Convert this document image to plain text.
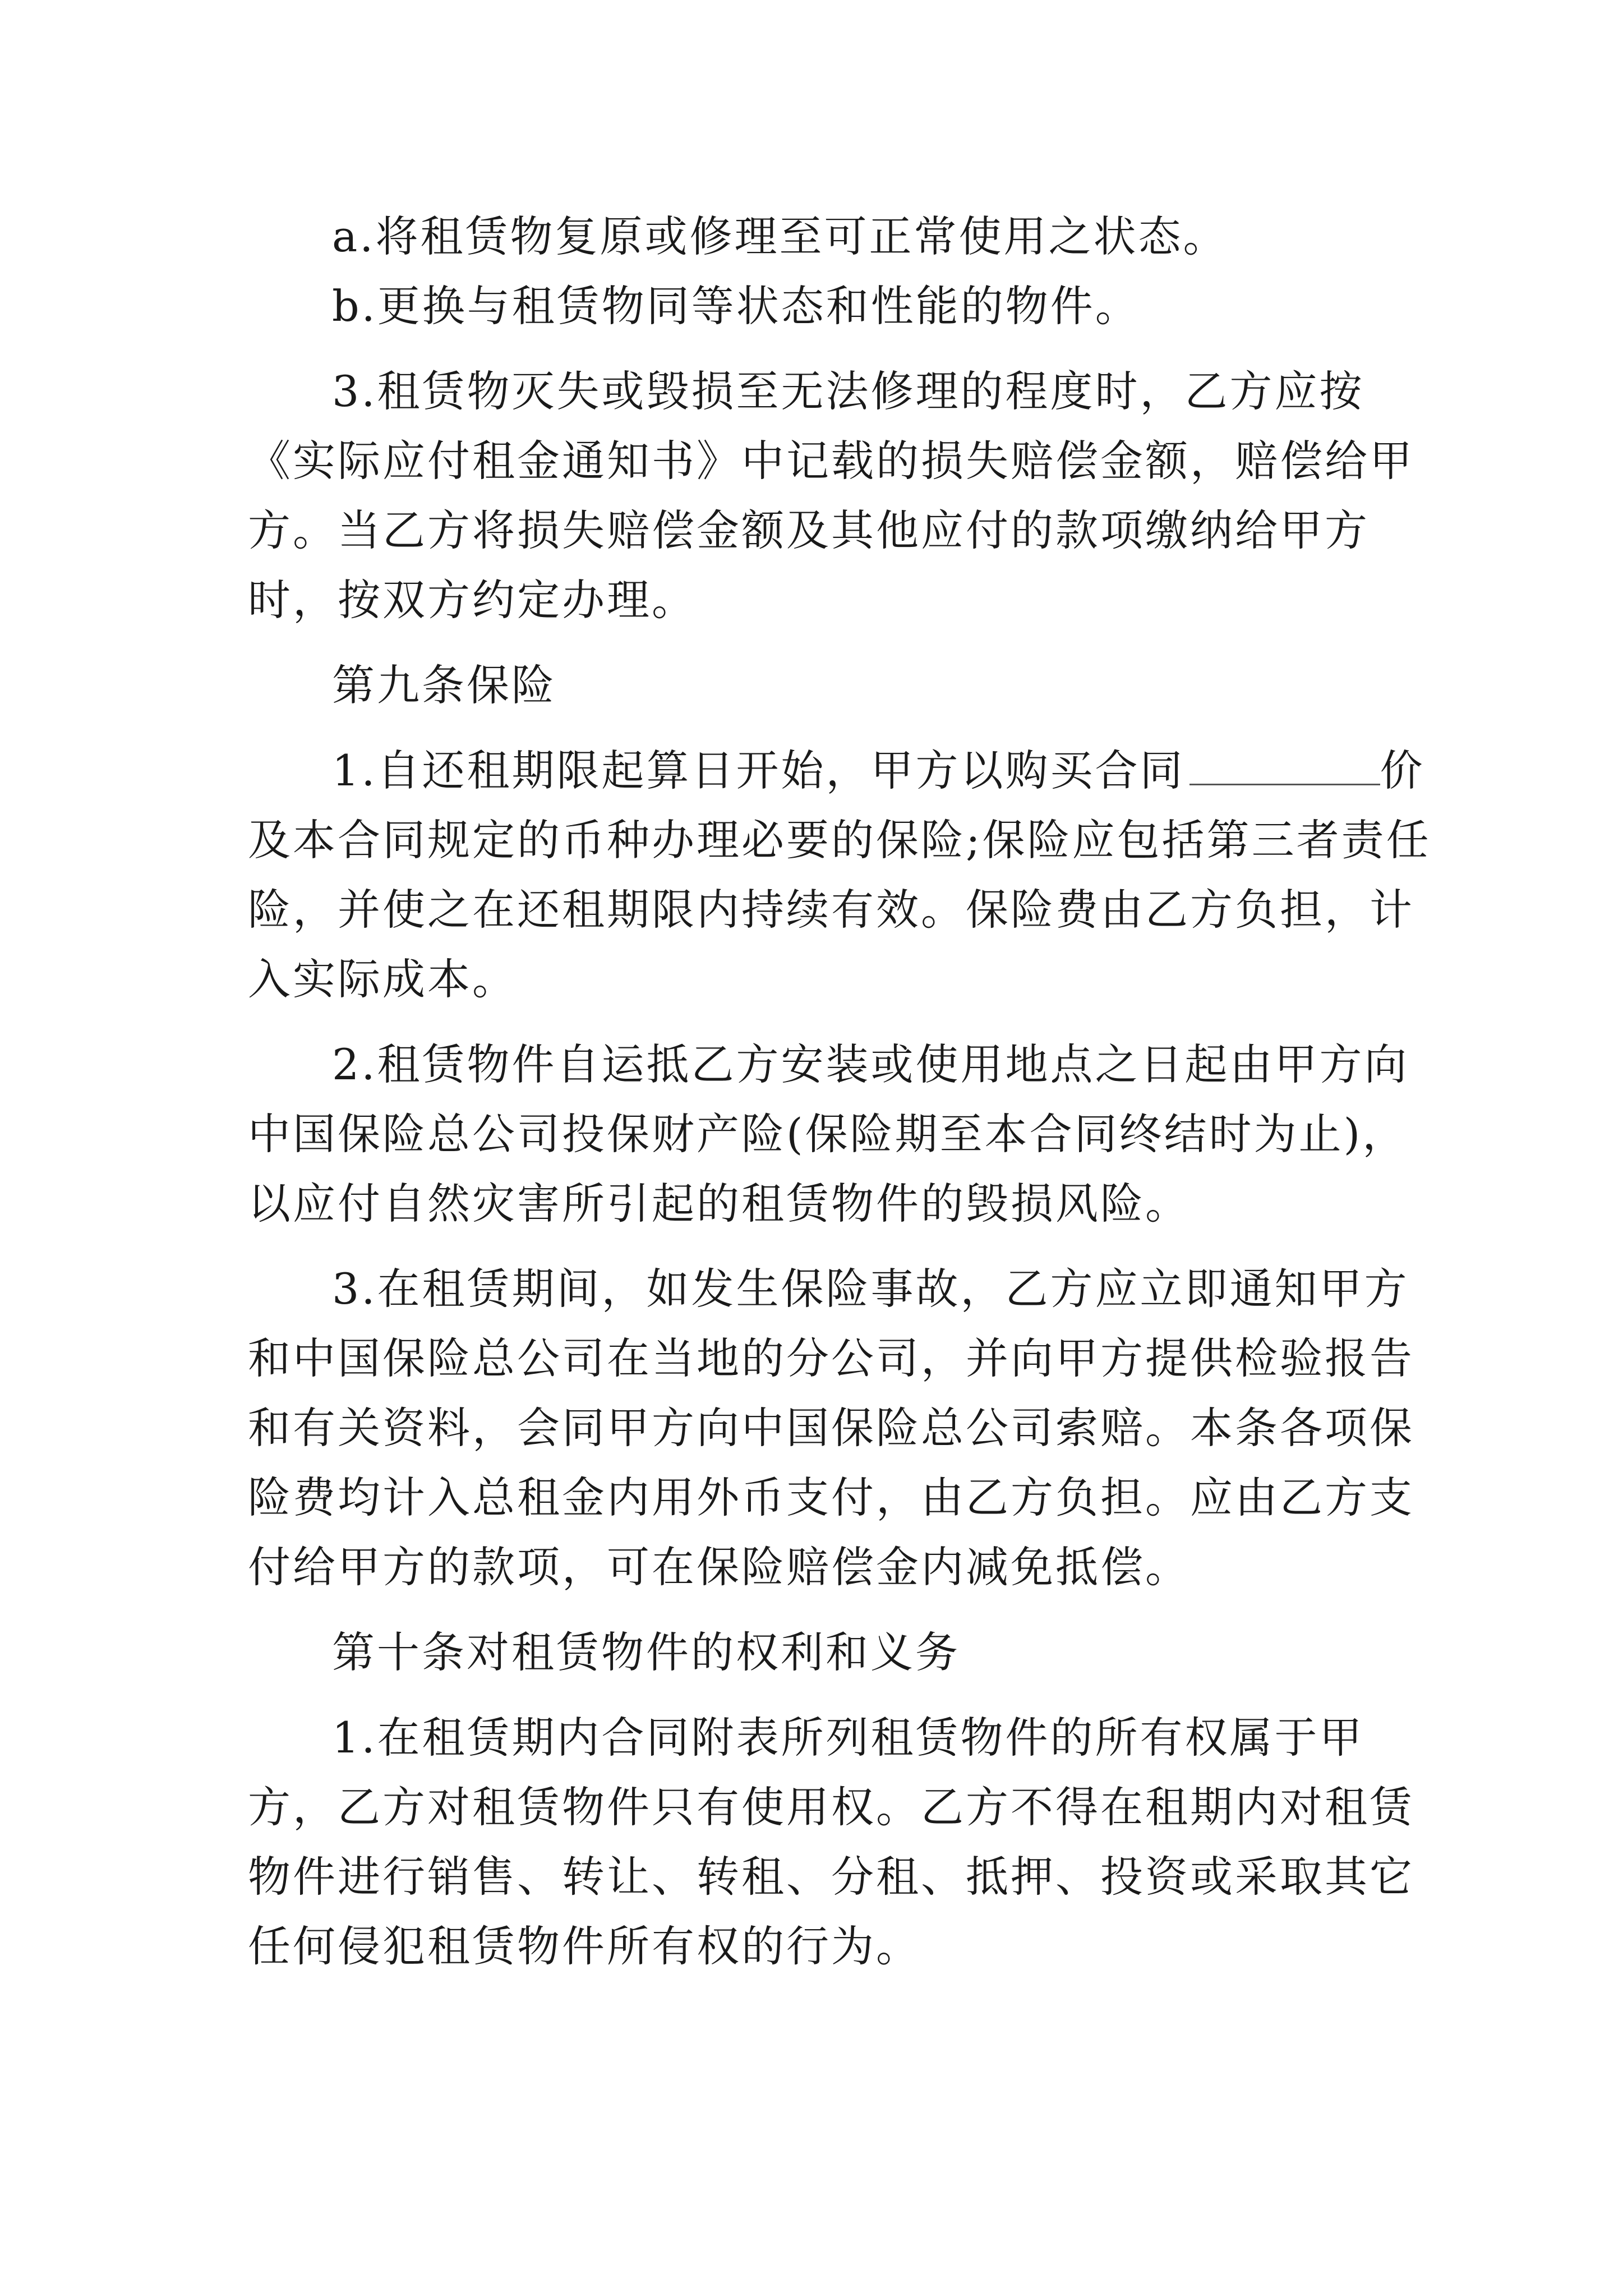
a.将租赁物复原或修理至可正常使用之状态。

b.更换与租赁物同等状态和性能的物件。

3.租赁物灭失或毁损至无法修理的程度时，乙方应按《实际应付租金通知书》中记载的损失赔偿金额，赔偿给甲方。当乙方将损失赔偿金额及其他应付的款项缴纳给甲方时，按双方约定办理。

第九条保险

1.自还租期限起算日开始，甲方以购买合同	价及本合同规定的币种办理必要的保险;保险应包括第三者责任险，并使之在还租期限内持续有效。保险费由乙方负担，计入实际成本。

2.租赁物件自运抵乙方安装或使用地点之日起由甲方向中国保险总公司投保财产险(保险期至本合同终结时为止)，以应付自然灾害所引起的租赁物件的毁损风险。

3.在租赁期间，如发生保险事故，乙方应立即通知甲方和中国保险总公司在当地的分公司，并向甲方提供检验报告和有关资料，会同甲方向中国保险总公司索赔。本条各项保险费均计入总租金内用外币支付，由乙方负担。应由乙方支付给甲方的款项，可在保险赔偿金内减免抵偿。

第十条对租赁物件的权利和义务

1.在租赁期内合同附表所列租赁物件的所有权属于甲方，乙方对租赁物件只有使用权。乙方不得在租期内对租赁物件进行销售、转让、转租、分租、抵押、投资或采取其它任何侵犯租赁物件所有权的行为。
